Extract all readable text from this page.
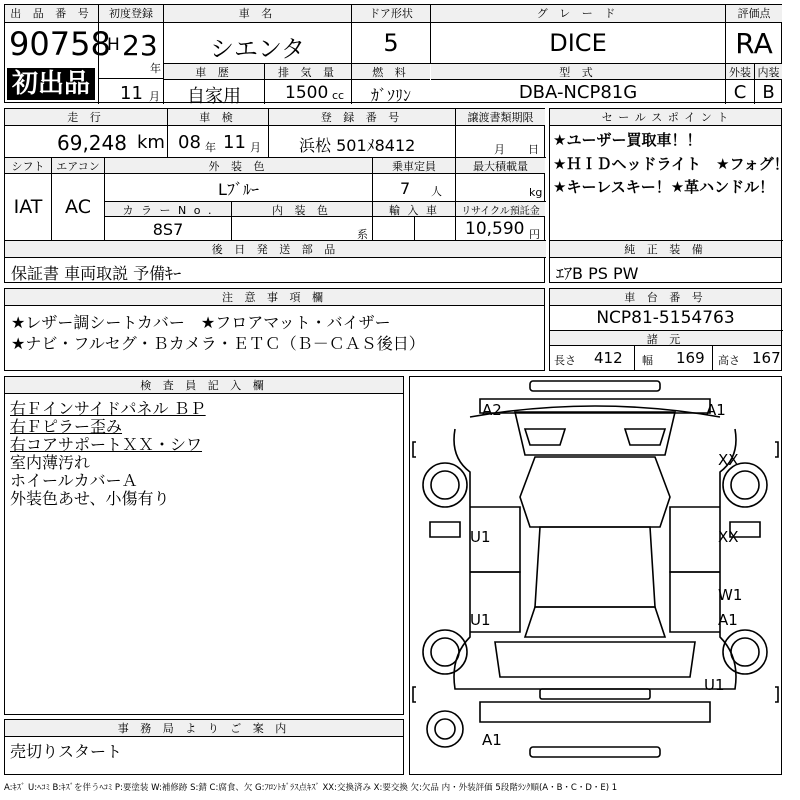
出 品 番 号
90758
初出品
初度登録
H 23
年
11 月
車 名
シエンタ
ドア形状
5
グ レ ー ド
DICE
評価点
RA
車 歴
自家用
排 気 量
1500 cc
燃 料
ｶﾞｿﾘﾝ
型 式
DBA-NCP81G
外装 内装
C B
走 行
69,248 km
車 検
08 年 11 月
登 録 番 号
浜松 501ﾒ8412
譲渡書類期限
月 日
シフト
IAT
エアコン
AC
外 装 色
Lﾌﾞﾙｰ
乗車定員
7 人
最大積載量
kg
カ ラ ー N o .
8S7
内 装 色
系
輸 入 車	リサイクル預託金
10,590 円
後 日 発 送 部 品
保証書 車両取説 予備ｷｰ
セ ー ル ス ポ イ ン ト
★ユーザー買取車！！
★ＨＩＤヘッドライト　★フォグ！
★キーレスキー！★革ハンドル！
純 正 装 備
ｴｱB PS PW
注 意 事 項 欄
★レザー調シートカバー　★フロアマット・バイザー
★ナビ・フルセグ・Ｂカメラ・ＥＴＣ（Ｂ－ＣＡＳ後日）
車 台 番 号
NCP81-5154763
諸 元
長さ 412 幅 169 高さ 167
検 査 員 記 入 欄
右Ｆインサイドパネル ＢＰ
右Ｆピラー歪み
右コアサポートＸＸ・シワ
室内薄汚れ
ホイールカバーＡ
外装色あせ、小傷有り
事 務 局 よ り ご 案 内
売切りスタート
A2	A1
XX
U1	XX
W1
A1
U1
U1
A1
A:ｷｽﾞ U:ﾍｺﾐ B:ｷｽﾞを伴うﾍｺﾐ P:要塗装 W:補修跡 S:錆 C:腐食、欠 G:ﾌﾛﾝﾄｶﾞﾗｽ点ｷｽﾞ XX:交換済み X:要交換 欠:欠品 内・外装評価 5段階ﾗﾝｸ順(A・B・C・D・E) 1
